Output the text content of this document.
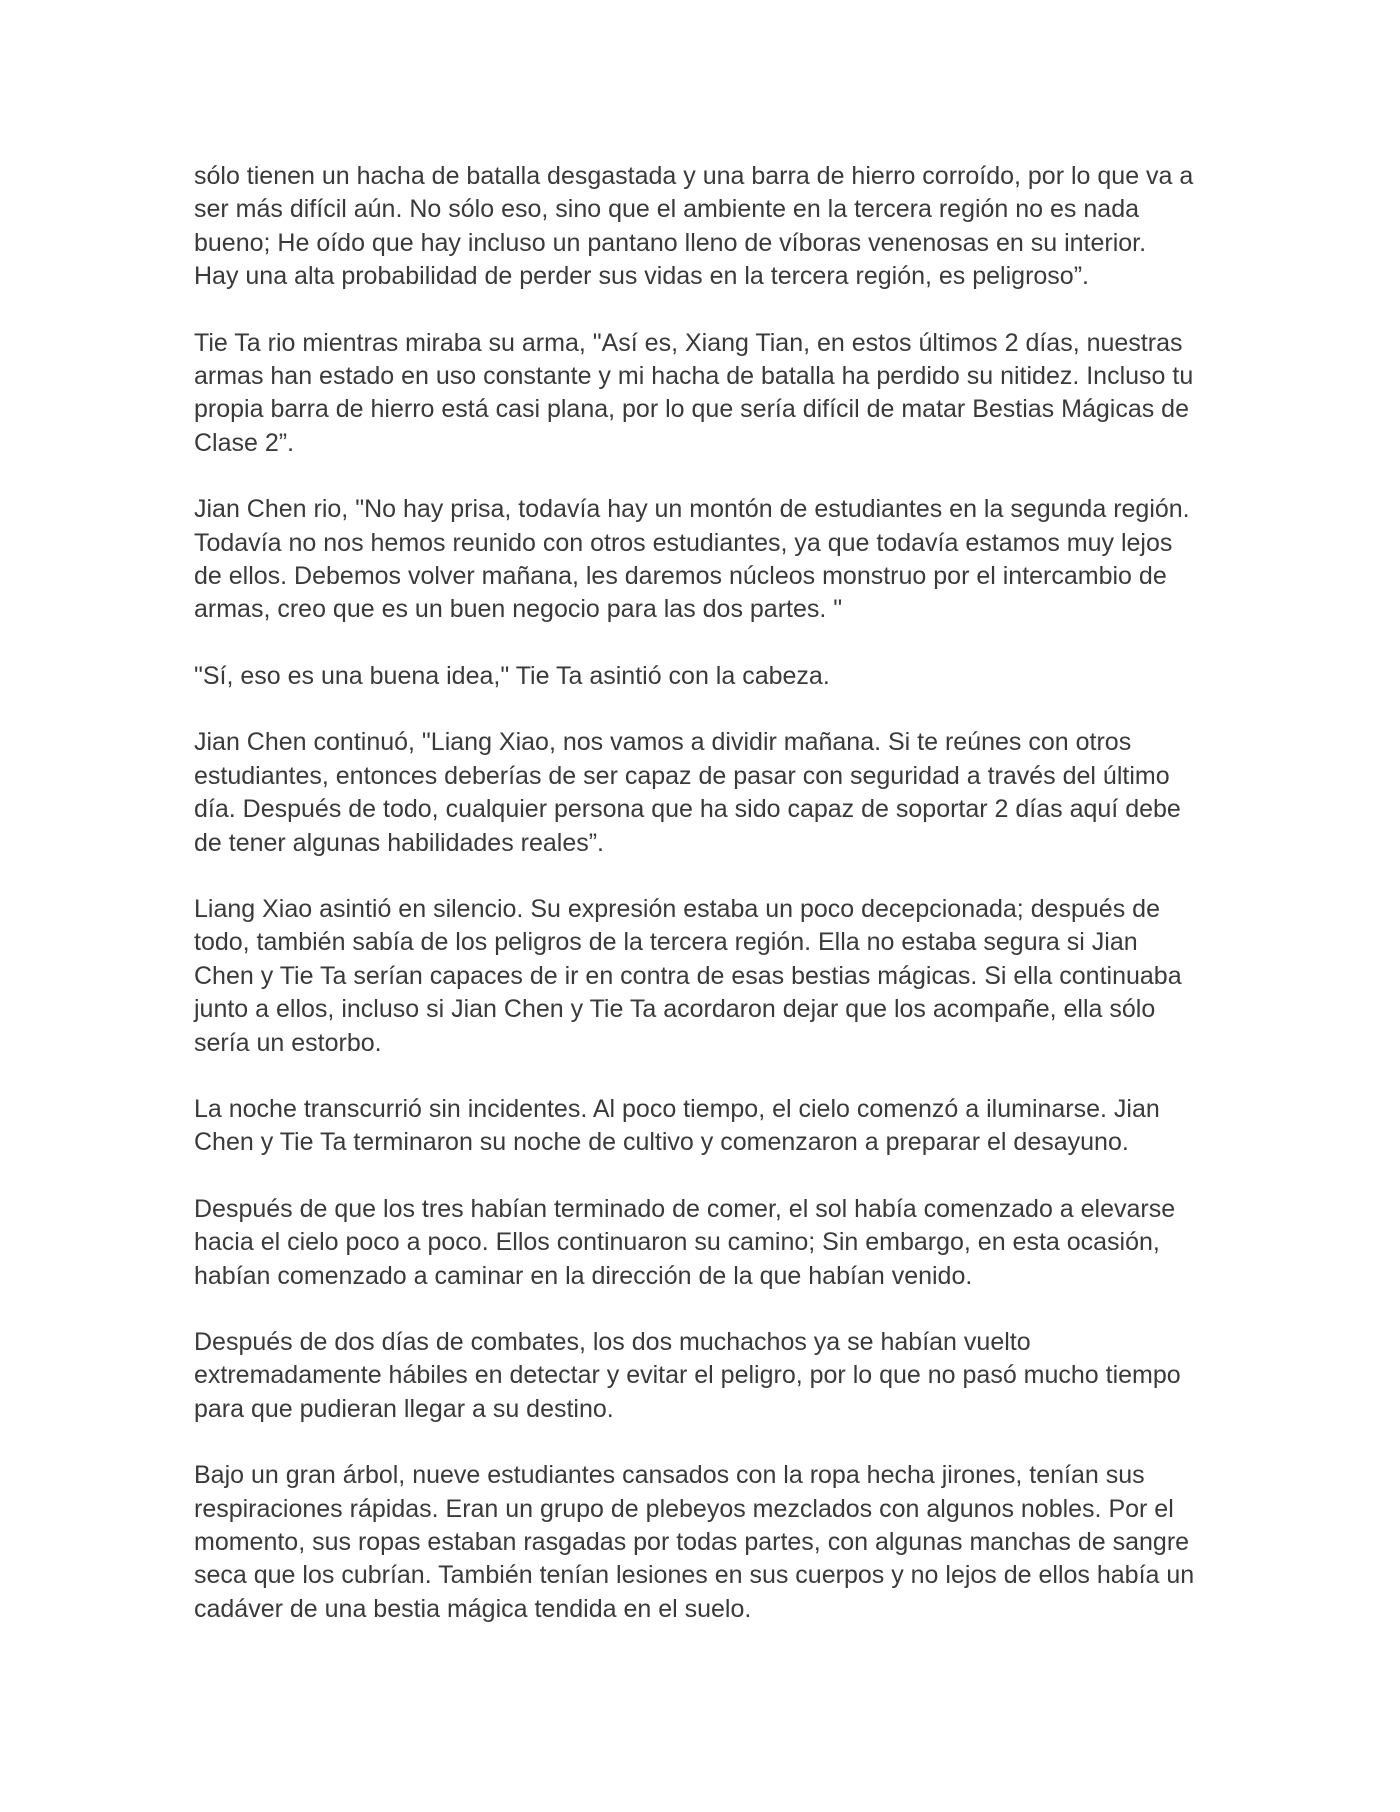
sólo tienen un hacha de batalla desgastada y una barra de hierro corroído, por lo que va a
ser más difícil aún. No sólo eso, sino que el ambiente en la tercera región no es nada
bueno; He oído que hay incluso un pantano lleno de víboras venenosas en su interior.
Hay una alta probabilidad de perder sus vidas en la tercera región, es peligroso”.

Tie Ta rio mientras miraba su arma, "Así es, Xiang Tian, en estos últimos 2 días, nuestras
armas han estado en uso constante y mi hacha de batalla ha perdido su nitidez. Incluso tu
propia barra de hierro está casi plana, por lo que sería difícil de matar Bestias Mágicas de
Clase 2”.

Jian Chen rio, "No hay prisa, todavía hay un montón de estudiantes en la segunda región.
Todavía no nos hemos reunido con otros estudiantes, ya que todavía estamos muy lejos
de ellos. Debemos volver mañana, les daremos núcleos monstruo por el intercambio de
armas, creo que es un buen negocio para las dos partes. "

"Sí, eso es una buena idea," Tie Ta asintió con la cabeza.

Jian Chen continuó, "Liang Xiao, nos vamos a dividir mañana. Si te reúnes con otros
estudiantes, entonces deberías de ser capaz de pasar con seguridad a través del último
día. Después de todo, cualquier persona que ha sido capaz de soportar 2 días aquí debe
de tener algunas habilidades reales”.

Liang Xiao asintió en silencio. Su expresión estaba un poco decepcionada; después de
todo, también sabía de los peligros de la tercera región. Ella no estaba segura si Jian
Chen y Tie Ta serían capaces de ir en contra de esas bestias mágicas. Si ella continuaba
junto a ellos, incluso si Jian Chen y Tie Ta acordaron dejar que los acompañe, ella sólo
sería un estorbo.

La noche transcurrió sin incidentes. Al poco tiempo, el cielo comenzó a iluminarse. Jian
Chen y Tie Ta terminaron su noche de cultivo y comenzaron a preparar el desayuno.

Después de que los tres habían terminado de comer, el sol había comenzado a elevarse
hacia el cielo poco a poco. Ellos continuaron su camino; Sin embargo, en esta ocasión,
habían comenzado a caminar en la dirección de la que habían venido.

Después de dos días de combates, los dos muchachos ya se habían vuelto
extremadamente hábiles en detectar y evitar el peligro, por lo que no pasó mucho tiempo
para que pudieran llegar a su destino.

Bajo un gran árbol, nueve estudiantes cansados con la ropa hecha jirones, tenían sus
respiraciones rápidas. Eran un grupo de plebeyos mezclados con algunos nobles. Por el
momento, sus ropas estaban rasgadas por todas partes, con algunas manchas de sangre
seca que los cubrían. También tenían lesiones en sus cuerpos y no lejos de ellos había un
cadáver de una bestia mágica tendida en el suelo.
